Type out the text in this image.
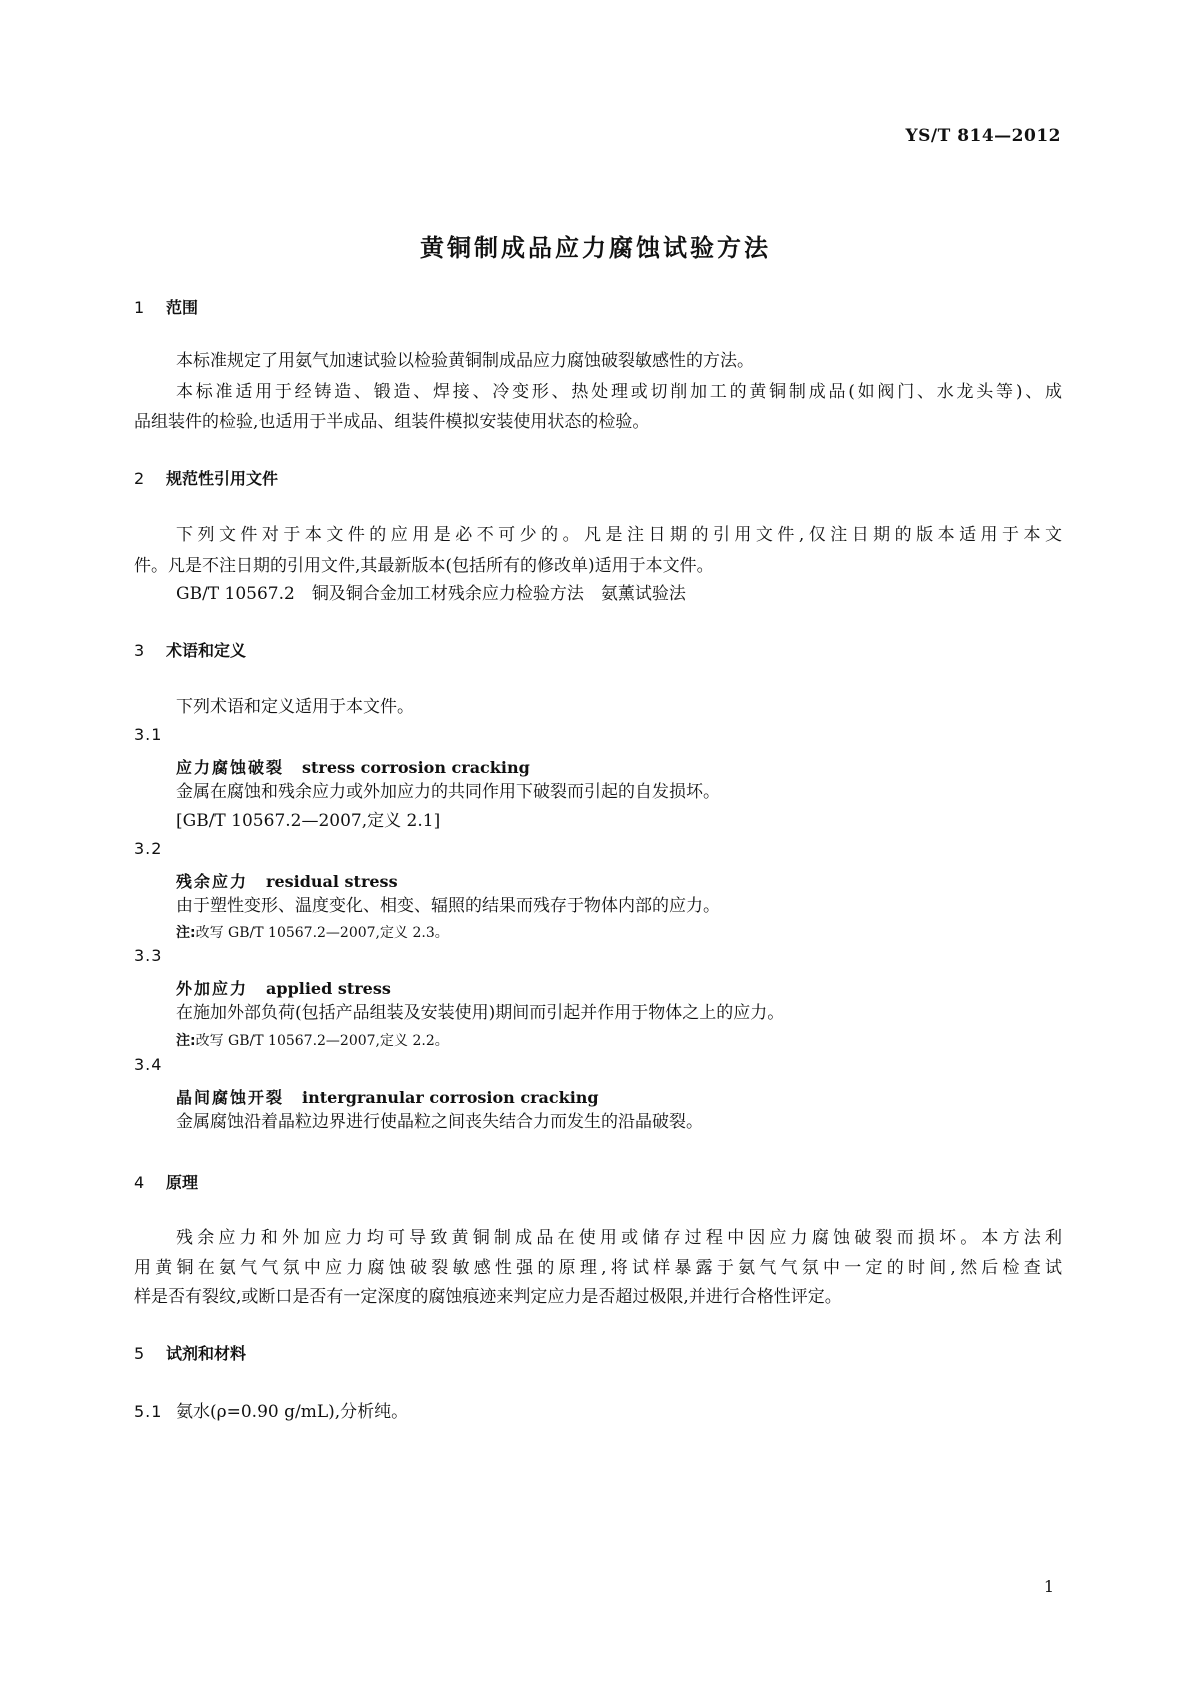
YS/T 814—2012
黄铜制成品应力腐蚀试验方法
1 范围
本标准规定了用氨气加速试验以检验黄铜制成品应力腐蚀破裂敏感性的方法。
本标准适用于经铸造、锻造、焊接、冷变形、热处理或切削加工的黄铜制成品(如阀门、水龙头等)、成
品组装件的检验,也适用于半成品、组装件模拟安装使用状态的检验。
2 规范性引用文件
下列文件对于本文件的应用是必不可少的。凡是注日期的引用文件,仅注日期的版本适用于本文
件。凡是不注日期的引用文件,其最新版本(包括所有的修改单)适用于本文件。
GB/T 10567.2　铜及铜合金加工材残余应力检验方法　氨薰试验法
3 术语和定义
下列术语和定义适用于本文件。
3.1
应力腐蚀破裂 stress corrosion cracking
金属在腐蚀和残余应力或外加应力的共同作用下破裂而引起的自发损坏。
[GB/T 10567.2—2007,定义 2.1]
3.2
残余应力 residual stress
由于塑性变形、温度变化、相变、辐照的结果而残存于物体内部的应力。
注:改写 GB/T 10567.2—2007,定义 2.3。
3.3
外加应力 applied stress
在施加外部负荷(包括产品组装及安装使用)期间而引起并作用于物体之上的应力。
注:改写 GB/T 10567.2—2007,定义 2.2。
3.4
晶间腐蚀开裂 intergranular corrosion cracking
金属腐蚀沿着晶粒边界进行使晶粒之间丧失结合力而发生的沿晶破裂。
4 原理
残余应力和外加应力均可导致黄铜制成品在使用或储存过程中因应力腐蚀破裂而损坏。本方法利
用黄铜在氨气气氛中应力腐蚀破裂敏感性强的原理,将试样暴露于氨气气氛中一定的时间,然后检查试
样是否有裂纹,或断口是否有一定深度的腐蚀痕迹来判定应力是否超过极限,并进行合格性评定。
5 试剂和材料
5.1 氨水(ρ=0.90 g/mL),分析纯。
1
